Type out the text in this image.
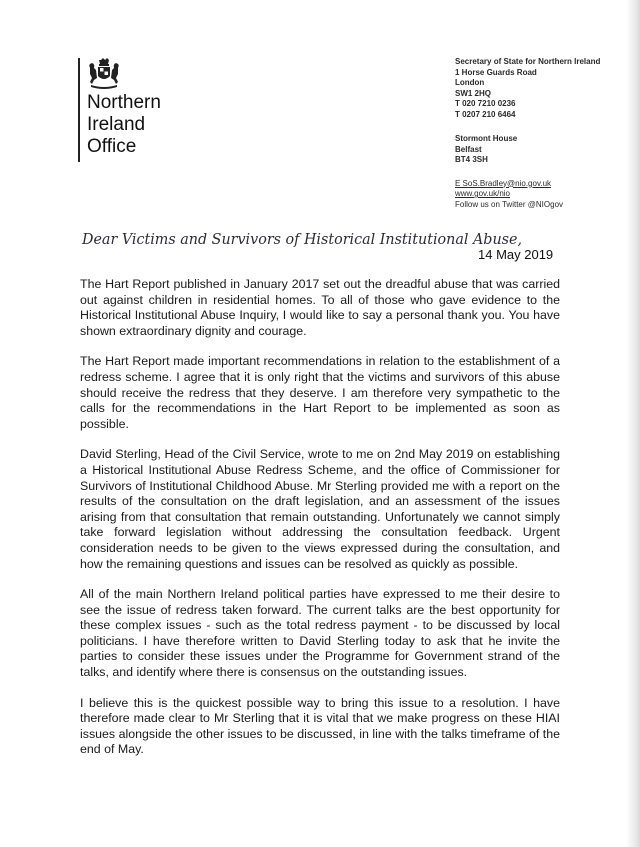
Northern
Ireland
Office
Secretary of State for Northern Ireland
1 Horse Guards Road
London
SW1 2HQ
T 020 7210 0236
T 0207 210 6464
Stormont House
Belfast
BT4 3SH
E SoS.Bradley@nio.gov.uk
www.gov.uk/nio
Follow us on Twitter @NIOgov
Dear Victims and Survivors of Historical Institutional Abuse,
14 May 2019

The Hart Report published in January 2017 set out the dreadful abuse that was carried out against children in residential homes. To all of those who gave evidence to the Historical Institutional Abuse Inquiry, I would like to say a personal thank you. You have shown extraordinary dignity and courage.

The Hart Report made important recommendations in relation to the establishment of a redress scheme. I agree that it is only right that the victims and survivors of this abuse should receive the redress that they deserve. I am therefore very sympathetic to the calls for the recommendations in the Hart Report to be implemented as soon as possible.

David Sterling, Head of the Civil Service, wrote to me on 2nd May 2019 on establishing a Historical Institutional Abuse Redress Scheme, and the office of Commissioner for Survivors of Institutional Childhood Abuse. Mr Sterling provided me with a report on the results of the consultation on the draft legislation, and an assessment of the issues arising from that consultation that remain outstanding. Unfortunately we cannot simply take forward legislation without addressing the consultation feedback. Urgent consideration needs to be given to the views expressed during the consultation, and how the remaining questions and issues can be resolved as quickly as possible.

All of the main Northern Ireland political parties have expressed to me their desire to see the issue of redress taken forward. The current talks are the best opportunity for these complex issues - such as the total redress payment - to be discussed by local politicians. I have therefore written to David Sterling today to ask that he invite the parties to consider these issues under the Programme for Government strand of the talks, and identify where there is consensus on the outstanding issues.

I believe this is the quickest possible way to bring this issue to a resolution. I have therefore made clear to Mr Sterling that it is vital that we make progress on these HIAI issues alongside the other issues to be discussed, in line with the talks timeframe of the end of May.
